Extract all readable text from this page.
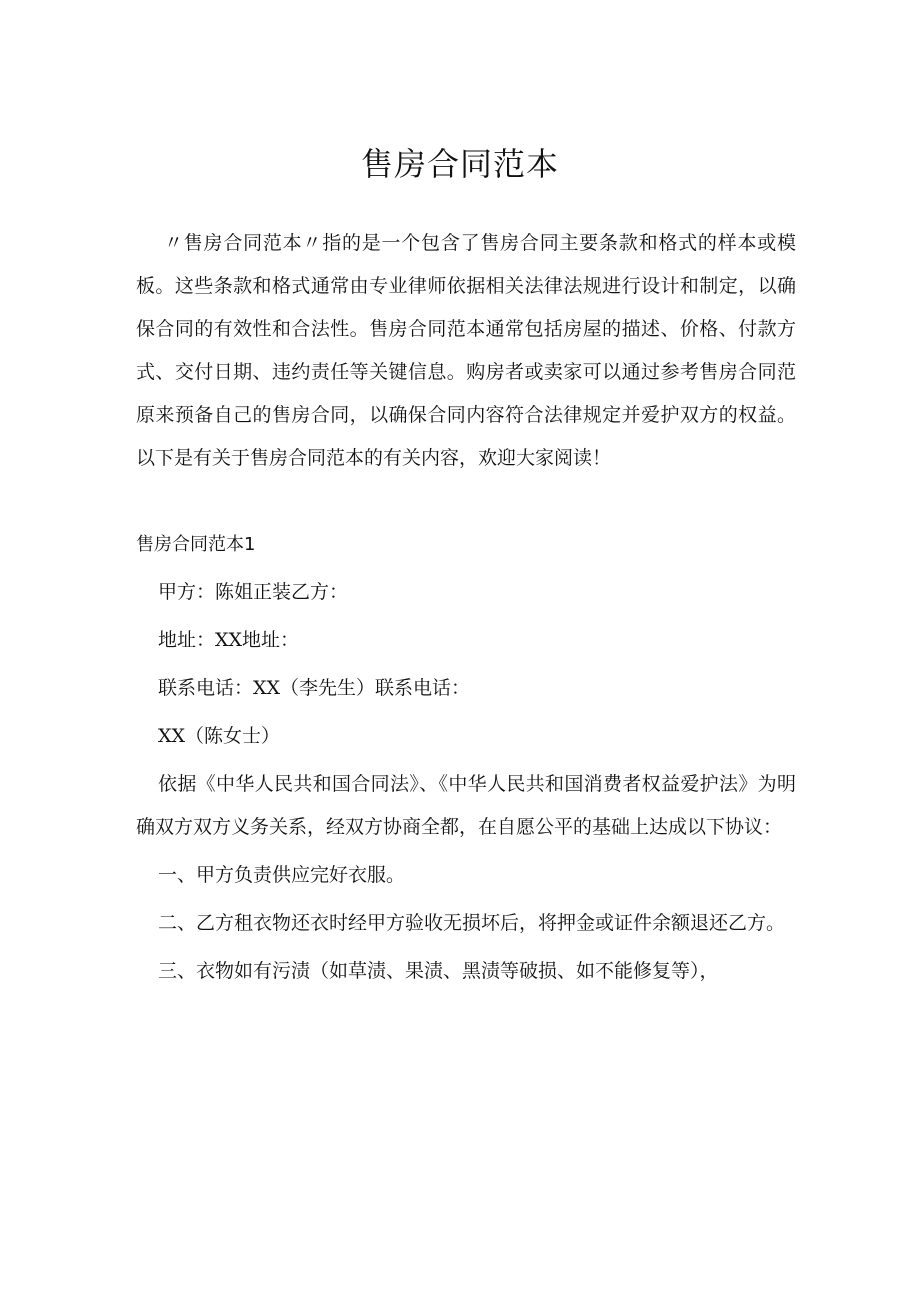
售房合同范本

〃售房合同范本〃指的是一个包含了售房合同主要条款和格式的样本或模板。这些条款和格式通常由专业律师依据相关法律法规进行设计和制定，以确保合同的有效性和合法性。售房合同范本通常包括房屋的描述、价格、付款方式、交付日期、违约责任等关键信息。购房者或卖家可以通过参考售房合同范原来预备自己的售房合同，以确保合同内容符合法律规定并爱护双方的权益。以下是有关于售房合同范本的有关内容，欢迎大家阅读！

售房合同范本1

甲方：陈姐正装乙方：

地址：XX地址：

联系电话：XX（李先生）联系电话：

XX（陈女士）

依据《中华人民共和国合同法》、《中华人民共和国消费者权益爱护法》为明确双方双方义务关系，经双方协商全都，在自愿公平的基础上达成以下协议：

一、甲方负责供应完好衣服。

二、乙方租衣物还衣时经甲方验收无损坏后，将押金或证件余额退还乙方。

三、衣物如有污渍（如草渍、果渍、黑渍等破损、如不能修复等），
